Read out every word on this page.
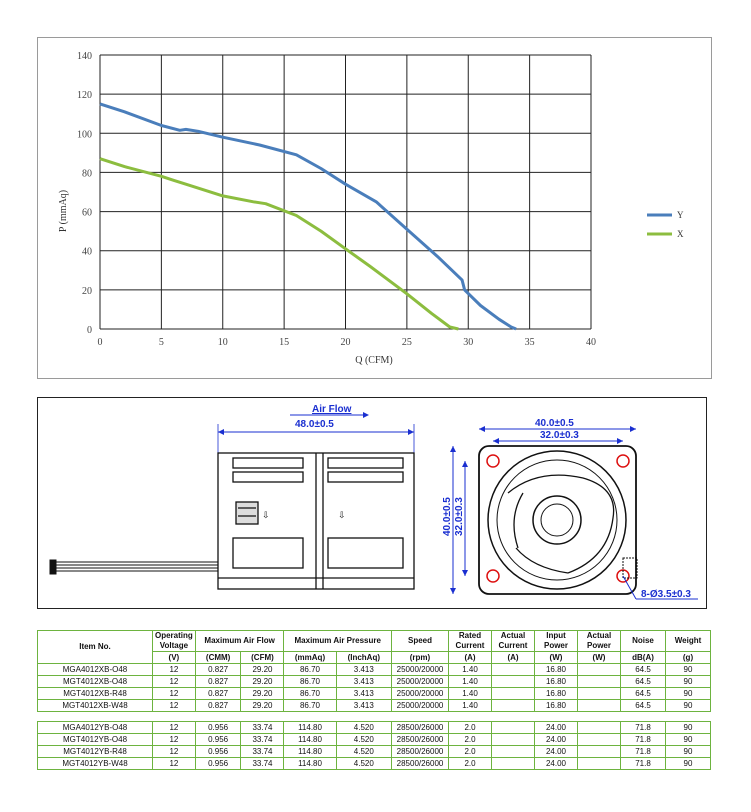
0	5	10	15	20	25	30	35	40
0
20
40
60
80
100
120
140
Q (CFM)
P (mmAq)	Y
X
Air Flow
48.0±0.5
⇩	⇩
40.0±0.5
32.0±0.3
40.0±0.5 32.0±0.3
8-Ø3.5±0.3
Item No.	Operating Voltage	Maximum Air Flow		Maximum Air Pressure		Speed	Rated Current	Actual Current	Input Power	Actual Power	Noise	Weight
	(V)	(CMM)	(CFM)	(mmAq)	(InchAq)	(rpm)	(A)	(A)	(W)	(W)	dB(A)	(g)
MGA4012XB-O48	12	0.827	29.20	86.70	3.413	25000/20000	1.40		16.80		64.5	90
MGT4012XB-O48	12	0.827	29.20	86.70	3.413	25000/20000	1.40		16.80		64.5	90
MGT4012XB-R48	12	0.827	29.20	86.70	3.413	25000/20000	1.40		16.80		64.5	90
MGT4012XB-W48	12	0.827	29.20	86.70	3.413	25000/20000	1.40		16.80		64.5	90

MGA4012YB-O48	12	0.956	33.74	114.80	4.520	28500/26000	2.0		24.00		71.8	90
MGT4012YB-O48	12	0.956	33.74	114.80	4.520	28500/26000	2.0		24.00		71.8	90
MGT4012YB-R48	12	0.956	33.74	114.80	4.520	28500/26000	2.0		24.00		71.8	90
MGT4012YB-W48	12	0.956	33.74	114.80	4.520	28500/26000	2.0		24.00		71.8	90
